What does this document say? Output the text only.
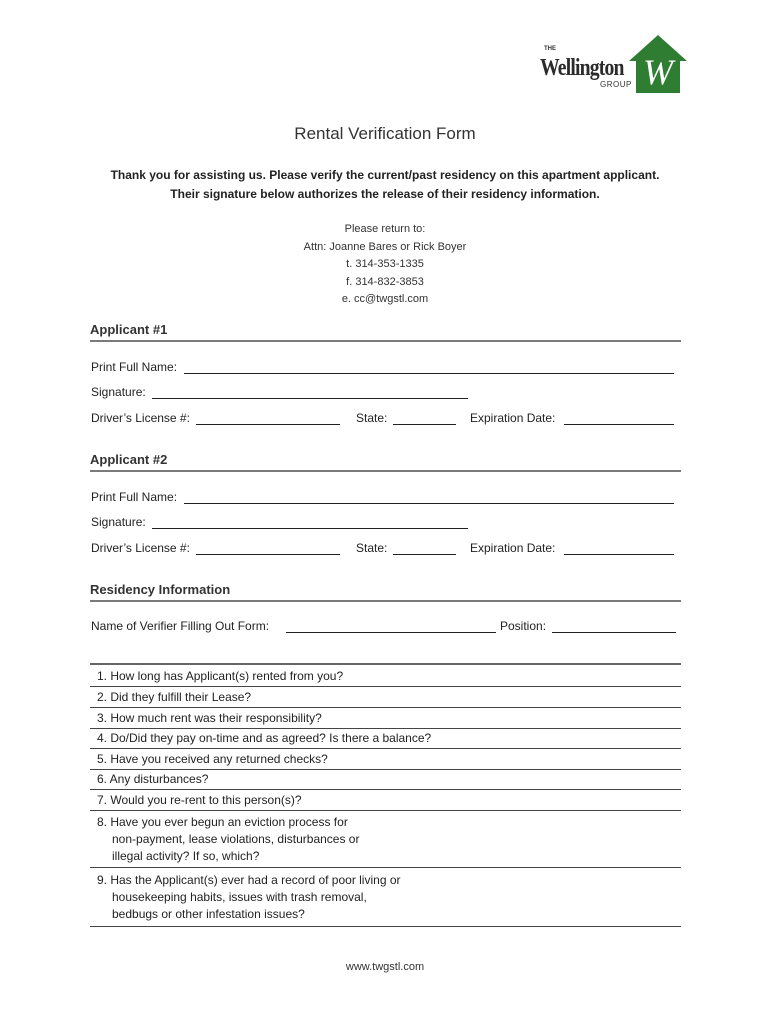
THE
Wellington
GROUP W
Rental Verification Form
Thank you for assisting us. Please verify the current/past residency on this apartment applicant.
Their signature below authorizes the release of their residency information.
Please return to:
Attn: Joanne Bares or Rick Boyer
t. 314-353-1335
f. 314-832-3853
e. cc@twgstl.com
Applicant #1
Print Full Name:
Signature:
Driver’s License #:	State:	Expiration Date:
Applicant #2
Print Full Name:
Signature:
Driver’s License #:	State:	Expiration Date:
Residency Information
Name of Verifier Filling Out Form:	Position:
1. How long has Applicant(s) rented from you?
2. Did they fulfill their Lease?
3. How much rent was their responsibility?
4. Do/Did they pay on-time and as agreed? Is there a balance?
5. Have you received any returned checks?
6. Any disturbances?
7. Would you re-rent to this person(s)?
8. Have you ever begun an eviction process for
non-payment, lease violations, disturbances or
illegal activity? If so, which?
9. Has the Applicant(s) ever had a record of poor living or
housekeeping habits, issues with trash removal,
bedbugs or other infestation issues?
www.twgstl.com
